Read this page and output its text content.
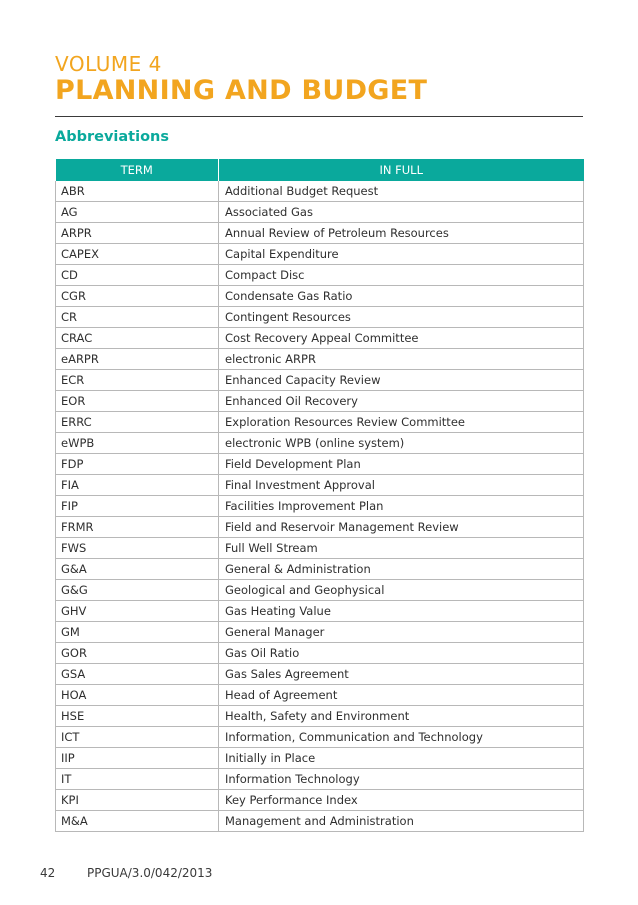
VOLUME 4
PLANNING AND BUDGET
Abbreviations
TERM	IN FULL
ABR	Additional Budget Request
AG	Associated Gas
ARPR	Annual Review of Petroleum Resources
CAPEX	Capital Expenditure
CD	Compact Disc
CGR	Condensate Gas Ratio
CR	Contingent Resources
CRAC	Cost Recovery Appeal Committee
eARPR	electronic ARPR
ECR	Enhanced Capacity Review
EOR	Enhanced Oil Recovery
ERRC	Exploration Resources Review Committee
eWPB	electronic WPB (online system)
FDP	Field Development Plan
FIA	Final Investment Approval
FIP	Facilities Improvement Plan
FRMR	Field and Reservoir Management Review
FWS	Full Well Stream
G&A	General & Administration
G&G	Geological and Geophysical
GHV	Gas Heating Value
GM	General Manager
GOR	Gas Oil Ratio
GSA	Gas Sales Agreement
HOA	Head of Agreement
HSE	Health, Safety and Environment
ICT	Information, Communication and Technology
IIP	Initially in Place
IT	Information Technology
KPI	Key Performance Index
M&A	Management and Administration
42	PPGUA/3.0/042/2013
